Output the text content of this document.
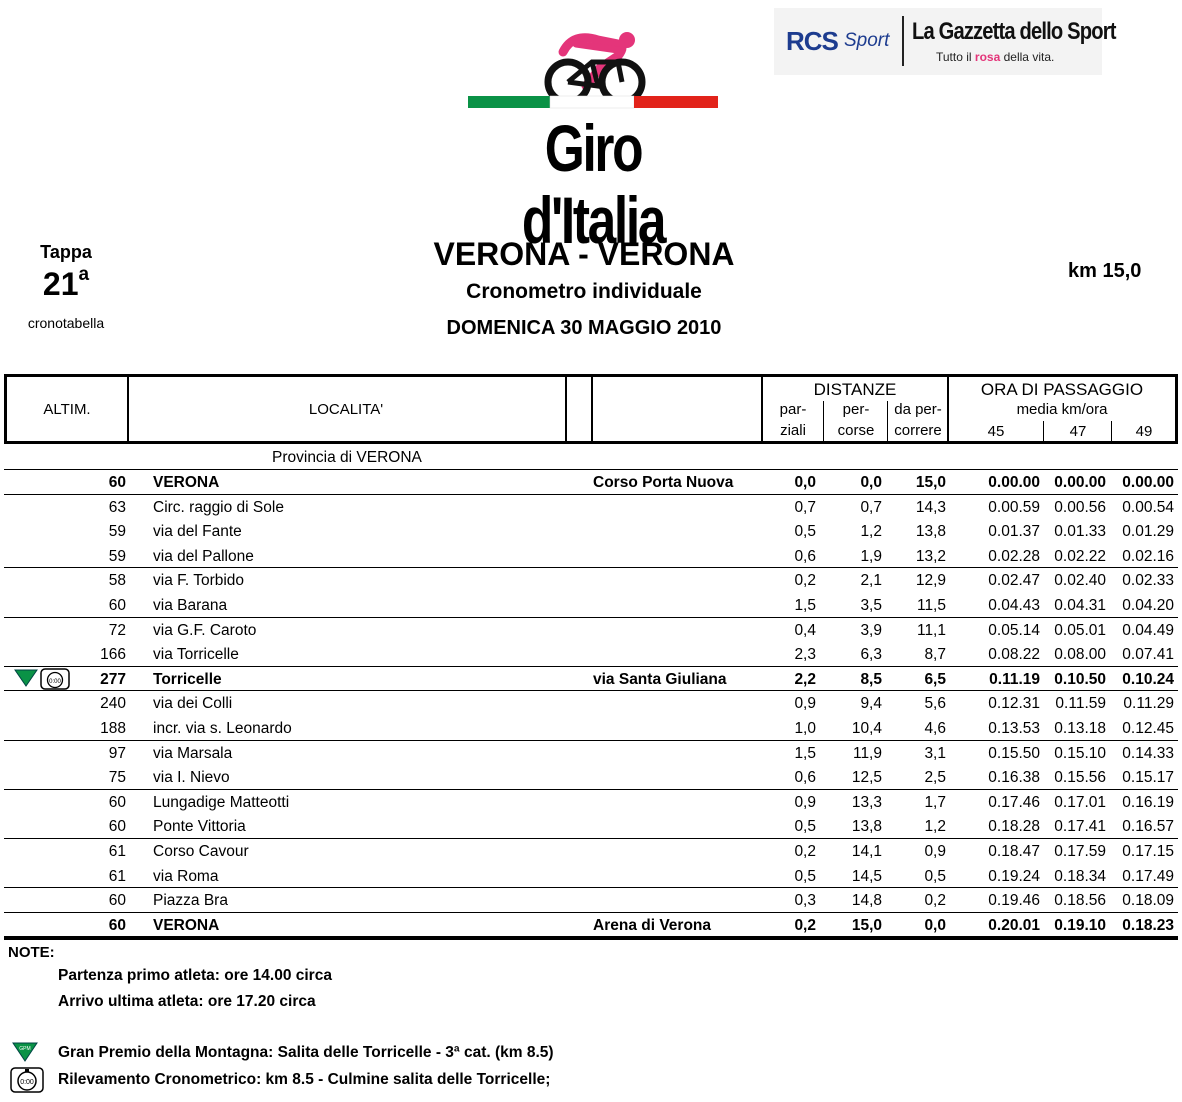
Giro d'Italia
RCS Sport La Gazzetta dello Sport
Tutto il rosa della vita.
Tappa
21$^a$
cronotabella
VERONA - VERONA
Cronometro individuale
DOMENICA 30 MAGGIO 2010
km 15,0
ALTIM.	LOCALITA'
DISTANZE
par-
ziali
per-
corse
da per-
correre
ORA DI PASSAGGIO
media km/ora
45	47	49
Provincia di VERONA
60 VERONA	Corso Porta Nuova	0,0	0,0 15,0	0.00.00 0.00.00 0.00.00
63 Circ. raggio di Sole	0,7	0,7 14,3	0.00.59 0.00.56 0.00.54
59 via del Fante	0,5	1,2 13,8	0.01.37 0.01.33 0.01.29
59 via del Pallone	0,6	1,9 13,2	0.02.28 0.02.22 0.02.16
58 via F. Torbido	0,2	2,1 12,9	0.02.47 0.02.40 0.02.33
60 via Barana	1,5	3,5 11,5	0.04.43 0.04.31 0.04.20
72 via G.F. Caroto	0,4	3,9 11,1	0.05.14 0.05.01 0.04.49
166 via Torricelle	2,3	6,3	8,7	0.08.22 0.08.00 0.07.41
277 Torricelle	via Santa Giuliana	2,2	8,5	6,5	0.11.19 0.10.50 0.10.24
0:00
240 via dei Colli	0,9	9,4	5,6	0.12.31 0.11.59 0.11.29
188 incr. via s. Leonardo	1,0 10,4	4,6	0.13.53 0.13.18 0.12.45
97 via Marsala	1,5 11,9	3,1	0.15.50 0.15.10 0.14.33
75 via I. Nievo	0,6 12,5	2,5	0.16.38 0.15.56 0.15.17
60 Lungadige Matteotti	0,9 13,3	1,7	0.17.46 0.17.01 0.16.19
60 Ponte Vittoria	0,5 13,8	1,2	0.18.28 0.17.41 0.16.57
61 Corso Cavour	0,2 14,1	0,9	0.18.47 0.17.59 0.17.15
61 via Roma	0,5 14,5	0,5	0.19.24 0.18.34 0.17.49
60 Piazza Bra	0,3 14,8	0,2	0.19.46 0.18.56 0.18.09
60 VERONA	Arena di Verona	0,2 15,0	0,0	0.20.01 0.19.10 0.18.23
NOTE:
Partenza primo atleta: ore 14.00 circa
Arrivo ultima atleta: ore 17.20 circa
GPM Gran Premio della Montagna: Salita delle Torricelle - 3ª cat. (km 8.5)
0:00 Rilevamento Cronometrico: km 8.5 - Culmine salita delle Torricelle;
